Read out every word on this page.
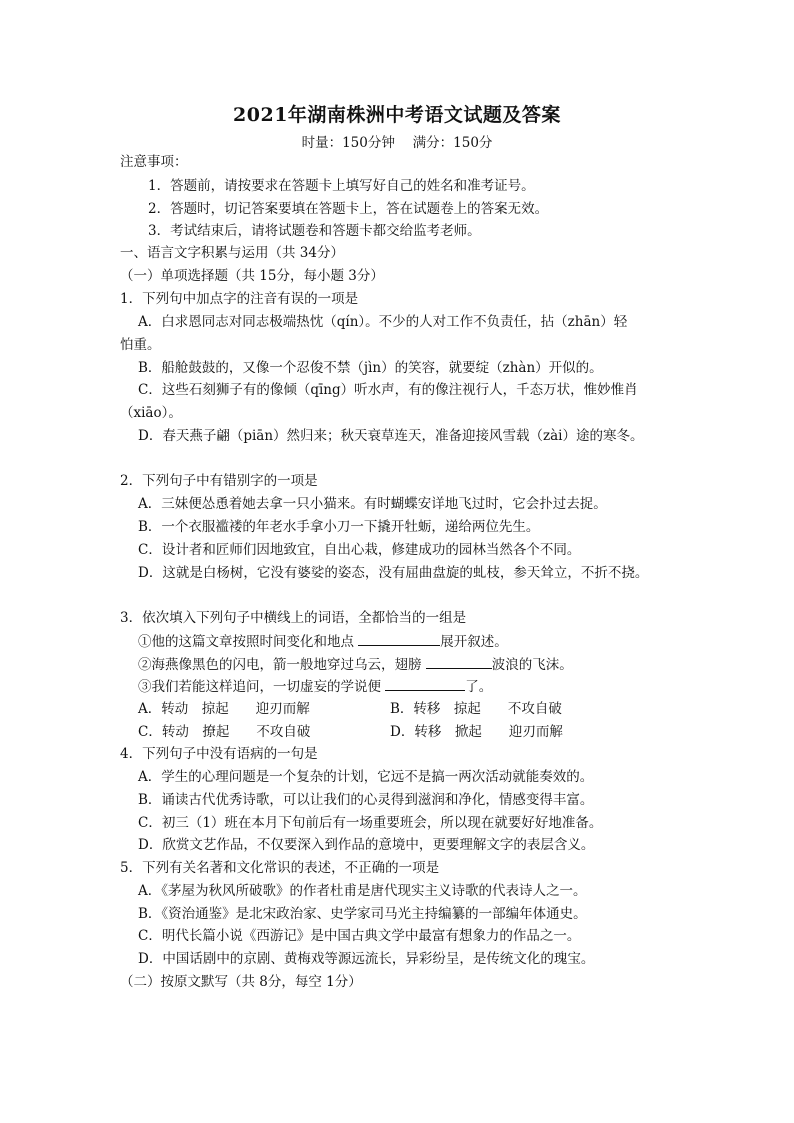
2021年湖南株洲中考语文试题及答案
时量：150分钟　 满分：150分
注意事项：
1．答题前，请按要求在答题卡上填写好自己的姓名和准考证号。
2．答题时，切记答案要填在答题卡上，答在试题卷上的答案无效。
3．考试结束后，请将试题卷和答题卡都交给监考老师。
一、语言文字积累与运用（共 34分）
（一）单项选择题（共 15分，每小题 3分）
1．下列句中加点字的注音有误的一项是
A．白求恩同志对同志极端热忱（qín）。不少的人对工作不负责任，拈（zhān）轻
怕重。
B．船舱鼓鼓的，又像一个忍俊不禁（jìn）的笑容，就要绽（zhàn）开似的。
C．这些石刻狮子有的像倾（qīng）听水声，有的像注视行人，千态万状，惟妙惟肖
（xiāo）。
D．春天燕子翩（piān）然归来；秋天衰草连天，准备迎接风雪载（zài）途的寒冬。
2．下列句子中有错别字的一项是
A．三妹便怂恿着她去拿一只小猫来。有时蝴蝶安详地飞过时，它会扑过去捉。
B．一个衣服褴褛的年老水手拿小刀一下撬开牡蛎，递给两位先生。
C．设计者和匠师们因地致宜，自出心栽，修建成功的园林当然各个不同。
D．这就是白杨树，它没有婆娑的姿态，没有屈曲盘旋的虬枝，参天耸立，不折不挠。
3．依次填入下列句子中横线上的词语，全都恰当的一组是
①他的这篇文章按照时间变化和地点	展开叙述。
②海燕像黑色的闪电，箭一般地穿过乌云，翅膀	波浪的飞沫。
③我们若能这样追问，一切虚妄的学说便	了。
A．转动　掠起　　迎刃而解	B．转移　掠起　　不攻自破
C．转动　撩起　　不攻自破	D．转移　掀起　　迎刃而解
4．下列句子中没有语病的一句是
A．学生的心理问题是一个复杂的计划，它远不是搞一两次活动就能奏效的。
B．诵读古代优秀诗歌，可以让我们的心灵得到滋润和净化，情感变得丰富。
C．初三（1）班在本月下旬前后有一场重要班会，所以现在就要好好地准备。
D．欣赏文艺作品，不仅要深入到作品的意境中，更要理解文字的表层含义。
5．下列有关名著和文化常识的表述，不正确的一项是
A．《茅屋为秋风所破歌》的作者杜甫是唐代现实主义诗歌的代表诗人之一。
B．《资治通鉴》是北宋政治家、史学家司马光主持编纂的一部编年体通史。
C．明代长篇小说《西游记》是中国古典文学中最富有想象力的作品之一。
D．中国话剧中的京剧、黄梅戏等源远流长，异彩纷呈，是传统文化的瑰宝。
（二）按原文默写（共 8分，每空 1分）
